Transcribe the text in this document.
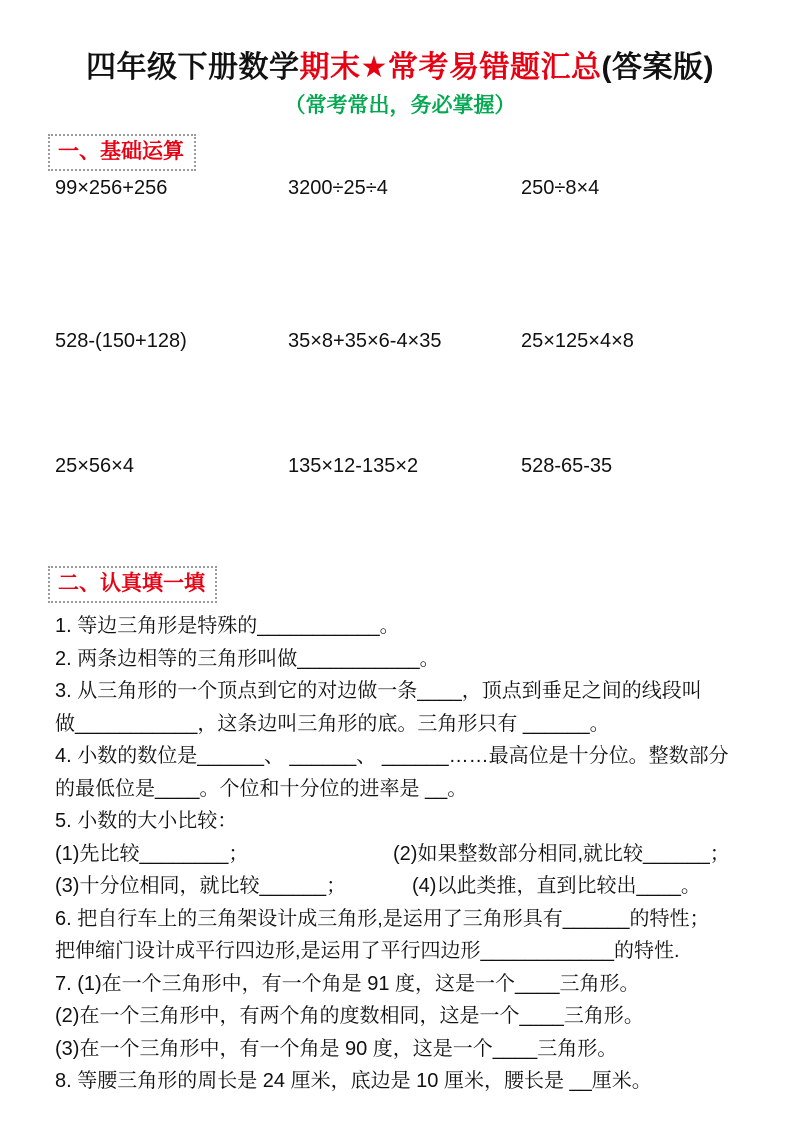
四年级下册数学期末★常考易错题汇总(答案版)
（常考常出，务必掌握）
一、基础运算
99×256+256	3200÷25÷4	250÷8×4
528-(150+128)	35×8+35×6-4×35	25×125×4×8
25×56×4	135×12-135×2	528-65-35
二、认真填一填
1. 等边三角形是特殊的___________。
2. 两条边相等的三角形叫做___________。
3. 从三角形的一个顶点到它的对边做一条____，顶点到垂足之间的线段叫
做___________，这条边叫三角形的底。三角形只有 ______。
4. 小数的数位是______、 ______、 ______……最高位是十分位。整数部分
的最低位是____。个位和十分位的进率是 __。
5. 小数的大小比较：
(1)先比较________；	(2)如果整数部分相同,就比较______；
(3)十分位相同，就比较______；	(4)以此类推，直到比较出____。
6. 把自行车上的三角架设计成三角形,是运用了三角形具有______的特性；
把伸缩门设计成平行四边形,是运用了平行四边形____________的特性.
7. (1)在一个三角形中，有一个角是 91 度，这是一个____三角形。
(2)在一个三角形中，有两个角的度数相同，这是一个____三角形。
(3)在一个三角形中，有一个角是 90 度，这是一个____三角形。
8. 等腰三角形的周长是 24 厘米，底边是 10 厘米，腰长是 __厘米。
